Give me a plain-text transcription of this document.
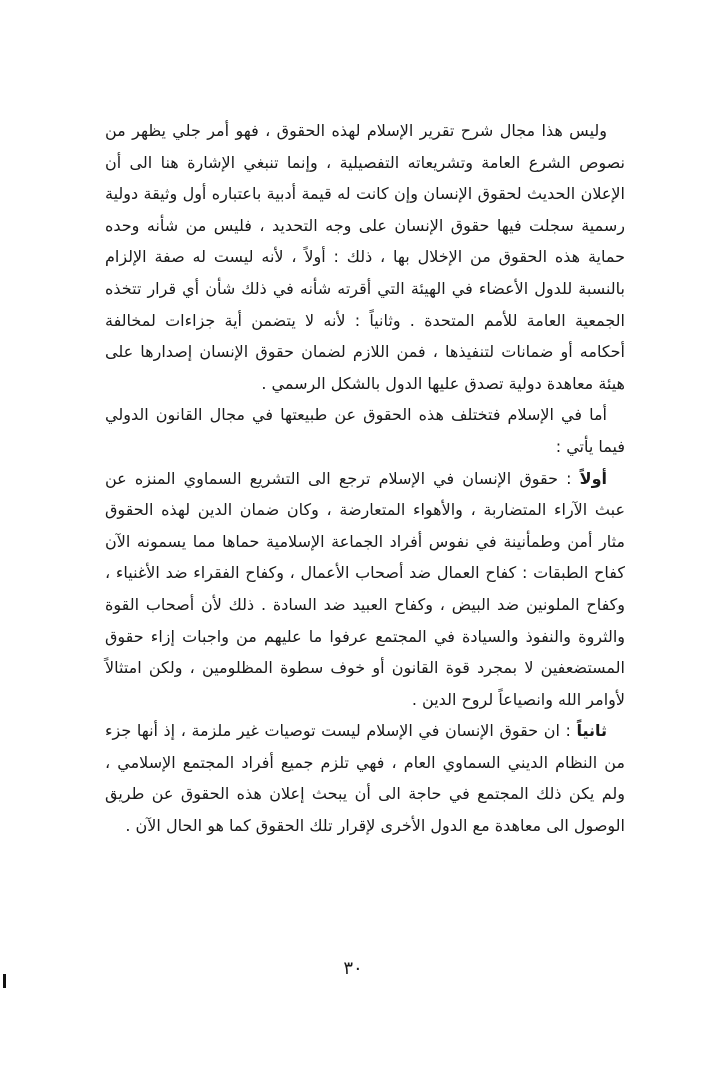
وليس هذا مجال شرح تقرير الإسلام لهذه الحقوق ، فهو أمر جلي يظهر من نصوص الشرع العامة وتشريعاته التفصيلية ، وإنما تنبغي الإشارة هنا الى أن الإعلان الحديث لحقوق الإنسان وإن كانت له قيمة أدبية باعتباره أول وثيقة دولية رسمية سجلت فيها حقوق الإنسان على وجه التحديد ، فليس من شأنه وحده حماية هذه الحقوق من الإخلال بها ، ذلك : أولاً ، لأنه ليست له صفة الإلزام بالنسبة للدول الأعضاء في الهيئة التي أقرته شأنه في ذلك شأن أي قرار تتخذه الجمعية العامة للأمم المتحدة . وثانياً : لأنه لا يتضمن أية جزاءات لمخالفة أحكامه أو ضمانات لتنفيذها ، فمن اللازم لضمان حقوق الإنسان إصدارها على هيئة معاهدة دولية تصدق عليها الدول بالشكل الرسمي .

أما في الإسلام فتختلف هذه الحقوق عن طبيعتها في مجال القانون الدولي فيما يأتي :

أولاً : حقوق الإنسان في الإسلام ترجع الى التشريع السماوي المنزه عن عبث الآراء المتضاربة ، والأهواء المتعارضة ، وكان ضمان الدين لهذه الحقوق مثار أمن وطمأنينة في نفوس أفراد الجماعة الإسلامية حماها مما يسمونه الآن كفاح الطبقات : كفاح العمال ضد أصحاب الأعمال ، وكفاح الفقراء ضد الأغنياء ، وكفاح الملونين ضد البيض ، وكفاح العبيد ضد السادة . ذلك لأن أصحاب القوة والثروة والنفوذ والسيادة في المجتمع عرفوا ما عليهم من واجبات إزاء حقوق المستضعفين لا بمجرد قوة القانون أو خوف سطوة المظلومين ، ولكن امتثالاً لأوامر الله وانصياعاً لروح الدين .

ثانياً : ان حقوق الإنسان في الإسلام ليست توصيات غير ملزمة ، إذ أنها جزء من النظام الديني السماوي العام ، فهي تلزم جميع أفراد المجتمع الإسلامي ، ولم يكن ذلك المجتمع في حاجة الى أن يبحث إعلان هذه الحقوق عن طريق الوصول الى معاهدة مع الدول الأخرى لإقرار تلك الحقوق كما هو الحال الآن .

٣٠
